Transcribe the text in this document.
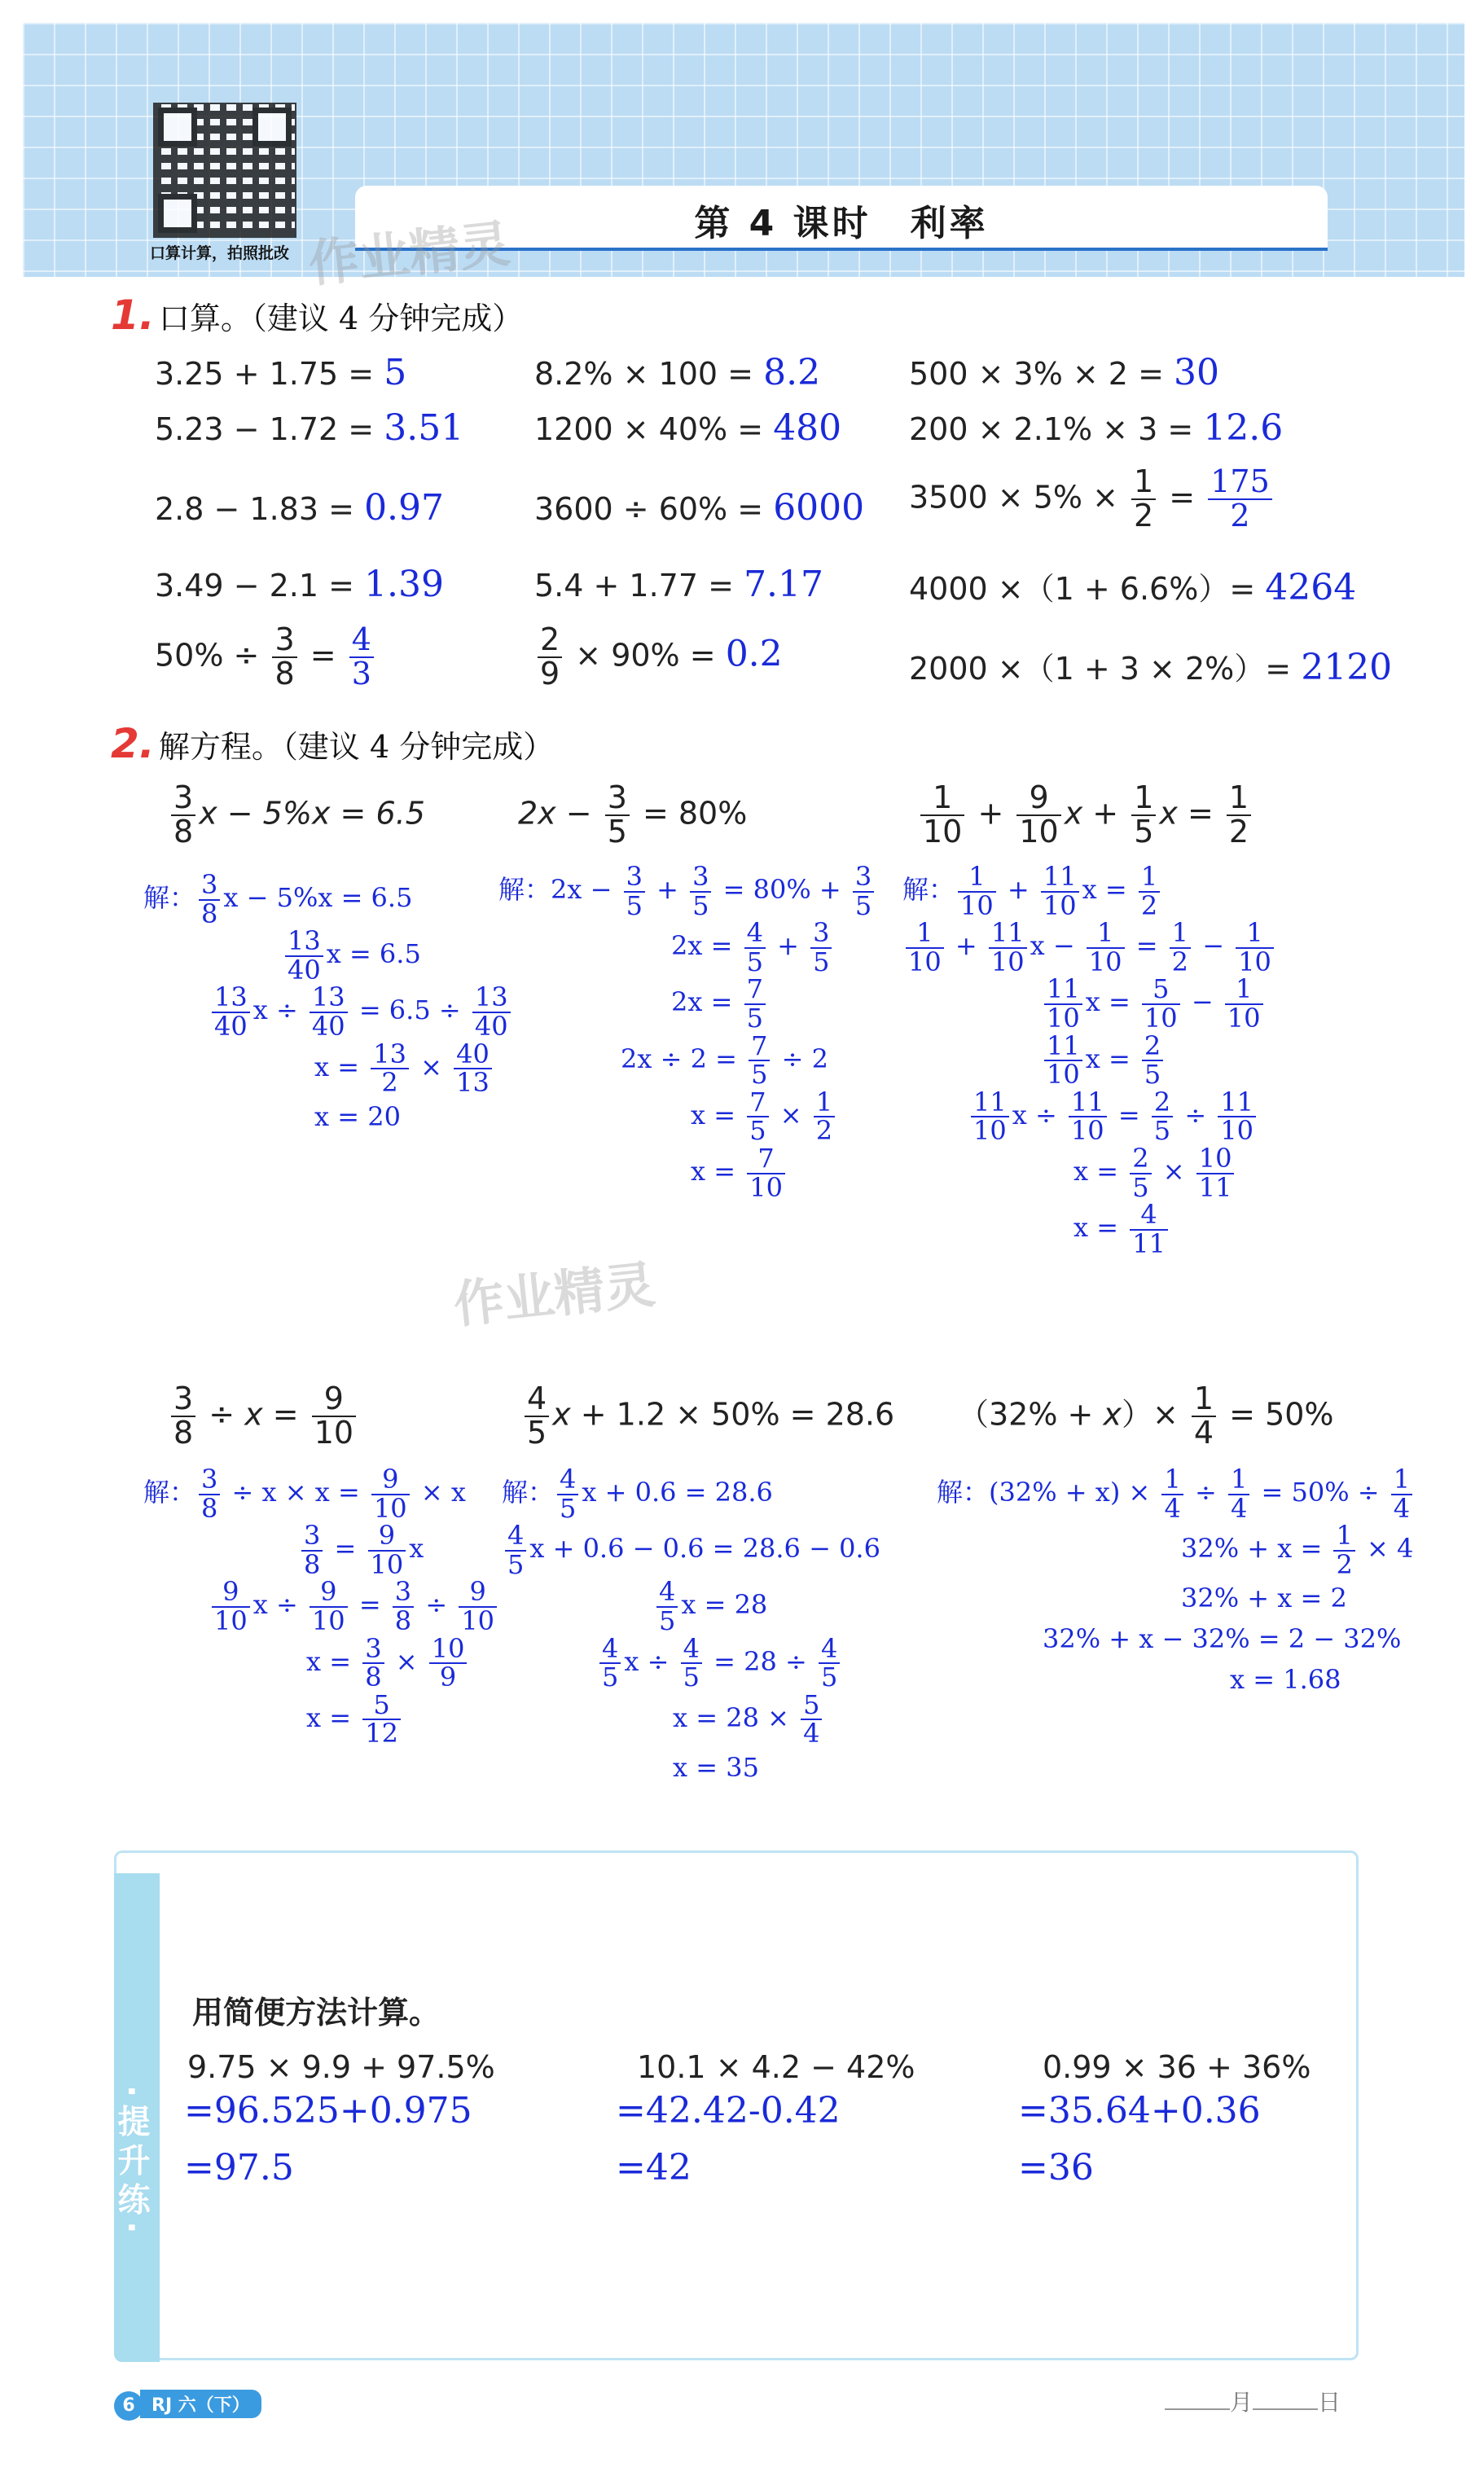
口算计算，拍照批改
第 4 课时　利率
作业精灵
1. 口算。（建议 4 分钟完成）
3.25 + 1.75 = 5	8.2% × 100 = 8.2	500 × 3% × 2 = 30
5.23 − 1.72 = 3.51 1200 × 40% = 480 200 × 2.1% × 3 = 12.6
2.8 − 1.83 = 0.97	3600 ÷ 60% = 6000 $3500 \times 5\% \times \frac{1}{2} = \frac{175}{2}$
3.49 − 2.1 = 1.39	5.4 + 1.77 = 7.17	4000 ×（1 + 6.6%）= 4264
$50\% \div \frac{3}{8} = \frac{4}{3}$	$\frac{2}{9} \times 90\% = 0.2$	2000 ×（1 + 3 × 2%）= 2120
2. 解方程。（建议 4 分钟完成）
$\frac{3}{8}$ x − 5%x = 6.5
解： $\frac{3}{8}$ x − 5%x = 6.5
$\frac{13}{40}$ x = 6.5
$\frac{13}{40}$ $x \div \frac{13}{40} = 6.5 \div \frac{13}{40}$
$x = \frac{13}{2} \times \frac{40}{13}$
x = 20
$2x - \frac{3}{5} = 80\%$
解：$2x - \frac{3}{5} + \frac{3}{5} = 80\% + \frac{3}{5}$
$2x = \frac{4}{5} + \frac{3}{5}$
$2x = \frac{7}{5}$
$2x \div 2 = \frac{7}{5} \div 2$
$x = \frac{7}{5} \times \frac{1}{2}$
$x = \frac{7}{10}$
$\frac{1}{10} + \frac{9}{10}$ $x + \frac{1}{5}$ $x = \frac{1}{2}$
解： $\frac{1}{10} + \frac{11}{10}$ $x = \frac{1}{2}$
$\frac{1}{10} + \frac{11}{10}$ $x - \frac{1}{10} = \frac{1}{2} - \frac{1}{10}$
$\frac{11}{10}$ $x = \frac{5}{10} - \frac{1}{10}$
$\frac{11}{10}$ $x = \frac{2}{5}$
$\frac{11}{10}$ $x \div \frac{11}{10} = \frac{2}{5} \div \frac{11}{10}$
$x = \frac{2}{5} \times \frac{10}{11}$
$x = \frac{4}{11}$
作业精灵
$\frac{3}{8} \div x = \frac{9}{10}$
解： $\frac{3}{8} \div x \times x = \frac{9}{10} \times x$
$\frac{3}{8} = \frac{9}{10}$ x
$\frac{9}{10}$ $x \div \frac{9}{10} = \frac{3}{8} \div \frac{9}{10}$
$x = \frac{3}{8} \times \frac{10}{9}$
$x = \frac{5}{12}$
$\frac{4}{5}$ x + 1.2 × 50% = 28.6
解： $\frac{4}{5}$ x + 0.6 = 28.6
$\frac{4}{5}$ x + 0.6 − 0.6 = 28.6 − 0.6
$\frac{4}{5}$ x = 28
$\frac{4}{5}$ $x \div \frac{4}{5} = 28 \div \frac{4}{5}$
$x = 28 \times \frac{5}{4}$
x = 35
$(32\% + x)\times \frac{1}{4} = 50\%$
解：$(32\% + x) \times \frac{1}{4} \div \frac{1}{4} = 50\% \div \frac{1}{4}$
$32\% + x = \frac{1}{2} \times 4$
32% + x = 2
32% + x − 32% = 2 − 32%
x = 1.68
·提升练·
用简便方法计算。
9.75 × 9.9 + 97.5%	10.1 × 4.2 − 42%	0.99 × 36 + 36%
=96.525+0.975	=42.42-0.42	=35.64+0.36
=97.5	=42	=36
6 RJ 六（下）	月	日
